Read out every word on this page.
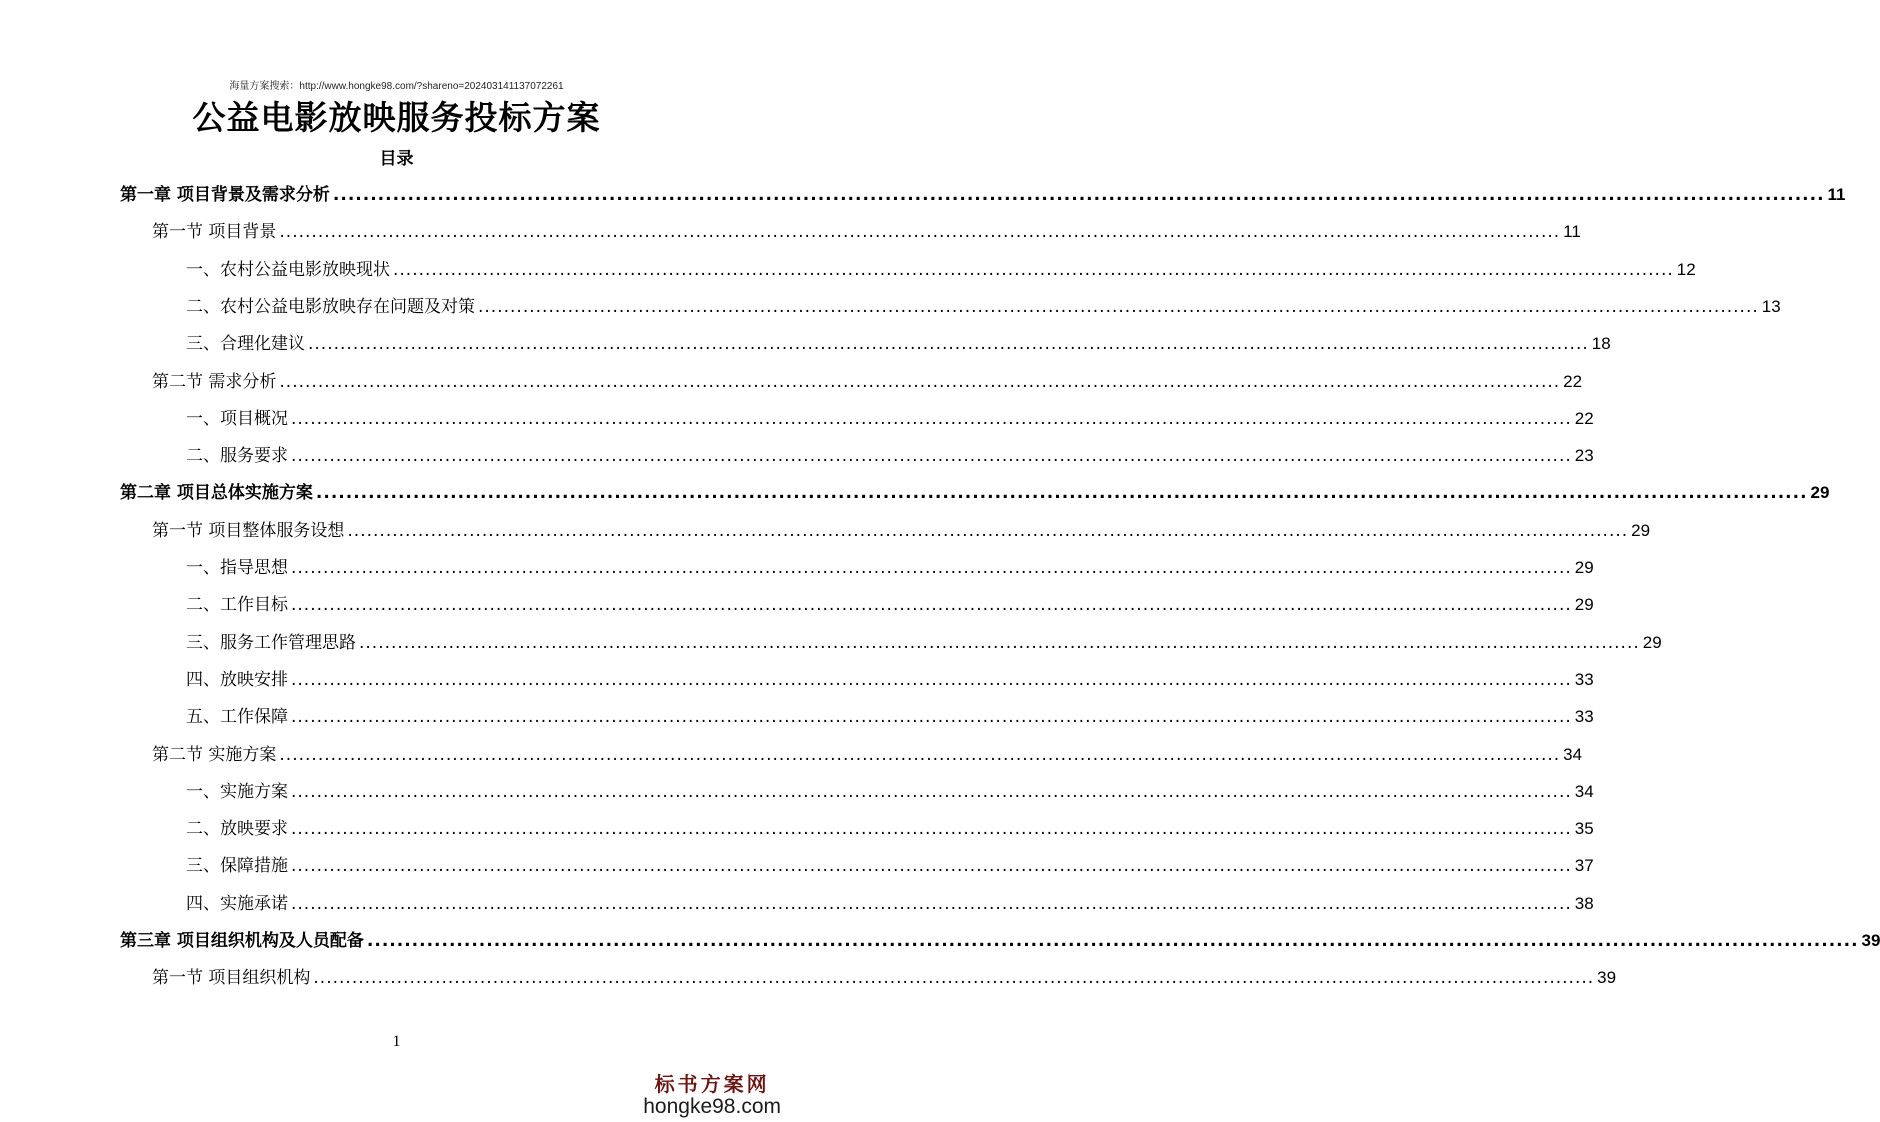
海量方案搜索：http://www.hongke98.com/?shareno=20240314113707226​1
公益电影放映服务投标方案
目录
第一章 项目背景及需求分析 ........................................................................................................................................................................................................ 11
第一节 项目背景 ........................................................................................................................................................................................................ 11
一、农村公益电影放映现状 ........................................................................................................................................................................................................ 12
二、农村公益电影放映存在问题及对策 ........................................................................................................................................................................................................ 13
三、合理化建议 ........................................................................................................................................................................................................ 18
第二节 需求分析 ........................................................................................................................................................................................................ 22
一、项目概况 ........................................................................................................................................................................................................ 22
二、服务要求 ........................................................................................................................................................................................................ 23
第二章 项目总体实施方案 ........................................................................................................................................................................................................ 29
第一节 项目整体服务设想 ........................................................................................................................................................................................................ 29
一、指导思想 ........................................................................................................................................................................................................ 29
二、工作目标 ........................................................................................................................................................................................................ 29
三、服务工作管理思路 ........................................................................................................................................................................................................ 29
四、放映安排 ........................................................................................................................................................................................................ 33
五、工作保障 ........................................................................................................................................................................................................ 33
第二节 实施方案 ........................................................................................................................................................................................................ 34
一、实施方案 ........................................................................................................................................................................................................ 34
二、放映要求 ........................................................................................................................................................................................................ 35
三、保障措施 ........................................................................................................................................................................................................ 37
四、实施承诺 ........................................................................................................................................................................................................ 38
第三章 项目组织机构及人员配备 ........................................................................................................................................................................................................ 39
第一节 项目组织机构 ........................................................................................................................................................................................................ 39
1
标书方案网
hongke98.com
